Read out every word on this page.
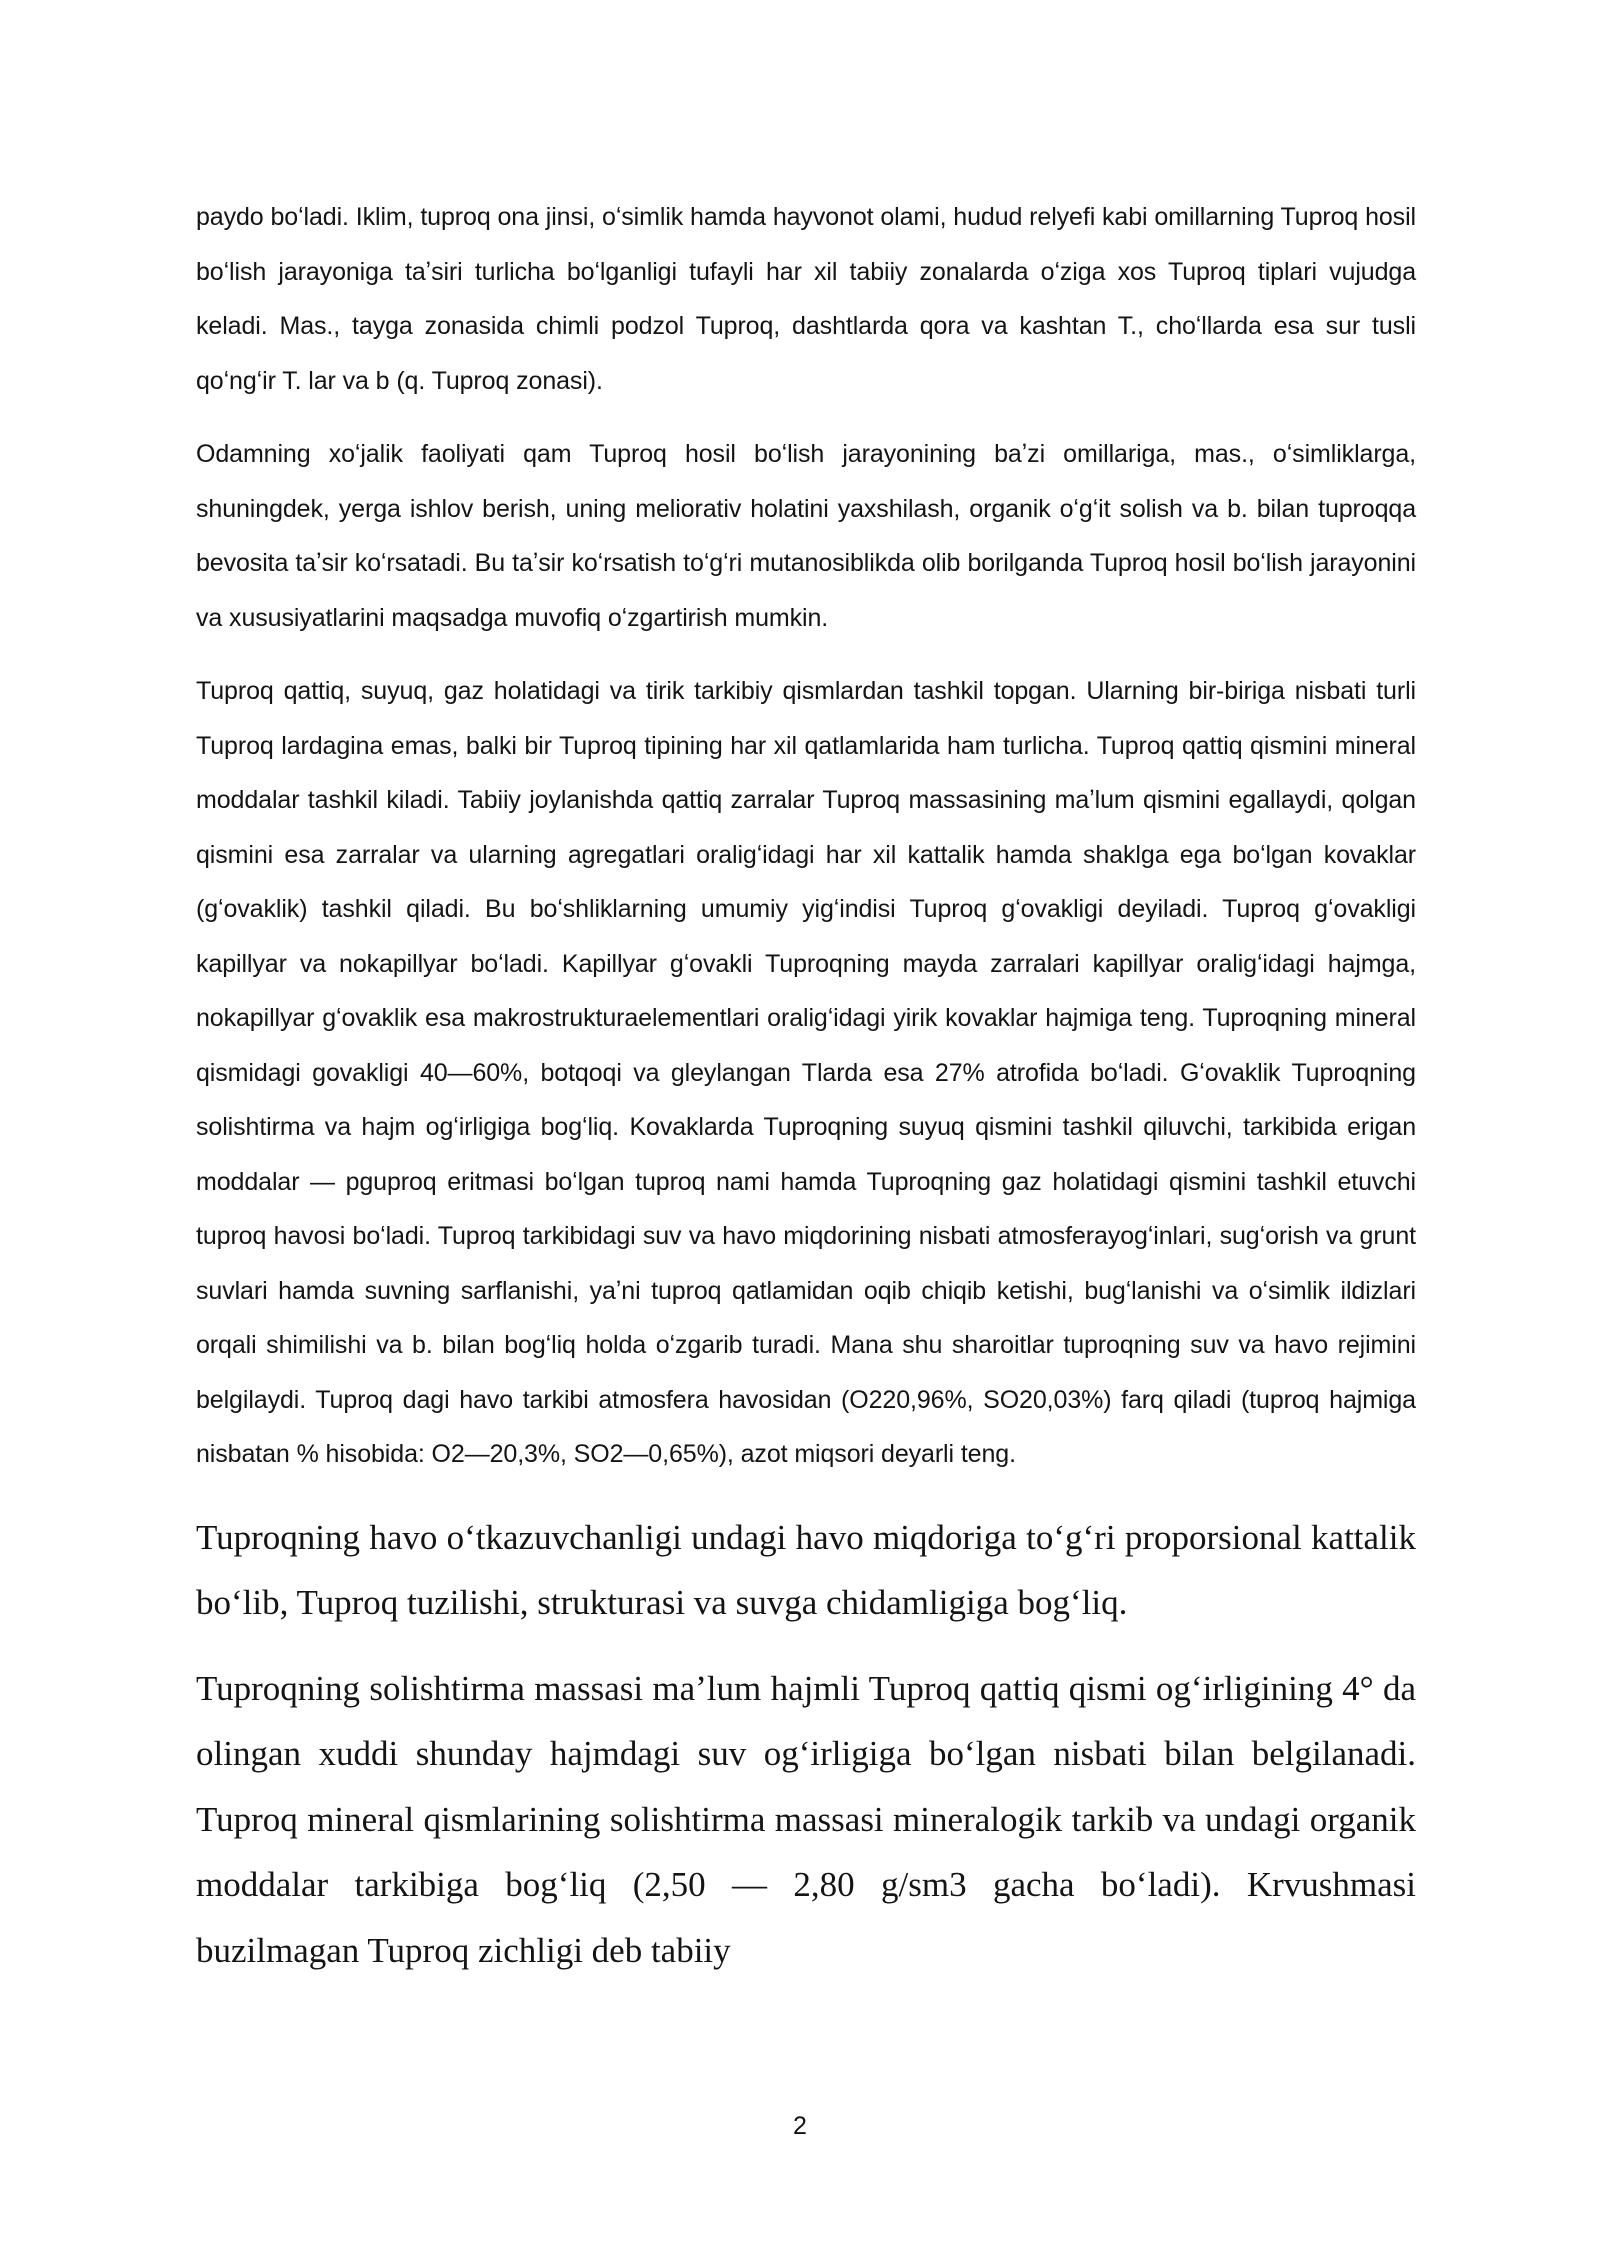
paydo boʻladi. Iklim, tuproq ona jinsi, oʻsimlik hamda hayvonot olami, hudud relyefi kabi omillarning Tuproq hosil boʻlish jarayoniga taʼsiri turlicha boʻlganligi tufayli har xil tabiiy zonalarda oʻziga xos Tuproq tiplari vujudga keladi. Mas., tayga zonasida chimli podzol Tuproq, dashtlarda qora va kashtan T., choʻllarda esa sur tusli qoʻngʻir T. lar va b (q. Tuproq zonasi).

Odamning xoʻjalik faoliyati qam Tuproq hosil boʻlish jarayonining baʼzi omillariga, mas., oʻsimliklarga, shuningdek, yerga ishlov berish, uning meliorativ holatini yaxshilash, organik oʻgʻit solish va b. bilan tuproqqa bevosita taʼsir koʻrsatadi. Bu taʼsir koʻrsatish toʻgʻri mutanosiblikda olib borilganda Tuproq hosil boʻlish jarayonini va xususiyatlarini maqsadga muvofiq oʻzgartirish mumkin.

Tuproq qattiq, suyuq, gaz holatidagi va tirik tarkibiy qismlardan tashkil topgan. Ularning bir-biriga nisbati turli Tuproq lardagina emas, balki bir Tuproq tipining har xil qatlamlarida ham turlicha. Tuproq qattiq qismini mineral moddalar tashkil kiladi. Tabiiy joylanishda qattiq zarralar Tuproq massasining maʼlum qismini egallaydi, qolgan qismini esa zarralar va ularning agregatlari oraligʻidagi har xil kattalik hamda shaklga ega boʻlgan kovaklar (gʻovaklik) tashkil qiladi. Bu boʻshliklarning umumiy yigʻindisi Tuproq gʻovakligi deyiladi. Tuproq gʻovakligi kapillyar va nokapillyar boʻladi. Kapillyar gʻovakli Tuproqning mayda zarralari kapillyar oraligʻidagi hajmga, nokapillyar gʻovaklik esa makrostrukturaelementlari oraligʻidagi yirik kovaklar hajmiga teng. Tuproqning mineral qismidagi govakligi 40—60%, botqoqi va gleylangan Tlarda esa 27% atrofida boʻladi. Gʻovaklik Tuproqning solishtirma va hajm ogʻirligiga bogʻliq. Kovaklarda Tuproqning suyuq qismini tashkil qiluvchi, tarkibida erigan moddalar — pguproq eritmasi boʻlgan tuproq nami hamda Tuproqning gaz holatidagi qismini tashkil etuvchi tuproq havosi boʻladi. Tuproq tarkibidagi suv va havo miqdorining nisbati atmosferayogʻinlari, sugʻorish va grunt suvlari hamda suvning sarflanishi, yaʼni tuproq qatlamidan oqib chiqib ketishi, bugʻlanishi va oʻsimlik ildizlari orqali shimilishi va b. bilan bogʻliq holda oʻzgarib turadi. Mana shu sharoitlar tuproqning suv va havo rejimini belgilaydi. Tuproq dagi havo tarkibi atmosfera havosidan (O220,96%, SO20,03%) farq qiladi (tuproq hajmiga nisbatan % hisobida: O2—20,3%, SO2—0,65%), azot miqsori deyarli teng.

Tuproqning havo oʻtkazuvchanligi undagi havo miqdoriga toʻgʻri proporsional kattalik boʻlib, Tuproq tuzilishi, strukturasi va suvga chidamligiga bogʻliq.

Tuproqning solishtirma massasi maʼlum hajmli Tuproq qattiq qismi ogʻirligining 4° da olingan xuddi shunday hajmdagi suv ogʻirligiga boʻlgan nisbati bilan belgilanadi. Tuproq mineral qismlarining solishtirma massasi mineralogik tarkib va undagi organik moddalar tarkibiga bogʻliq (2,50 — 2,80 g/sm3 gacha boʻladi). Krvushmasi buzilmagan Tuproq zichligi deb tabiiy

2
